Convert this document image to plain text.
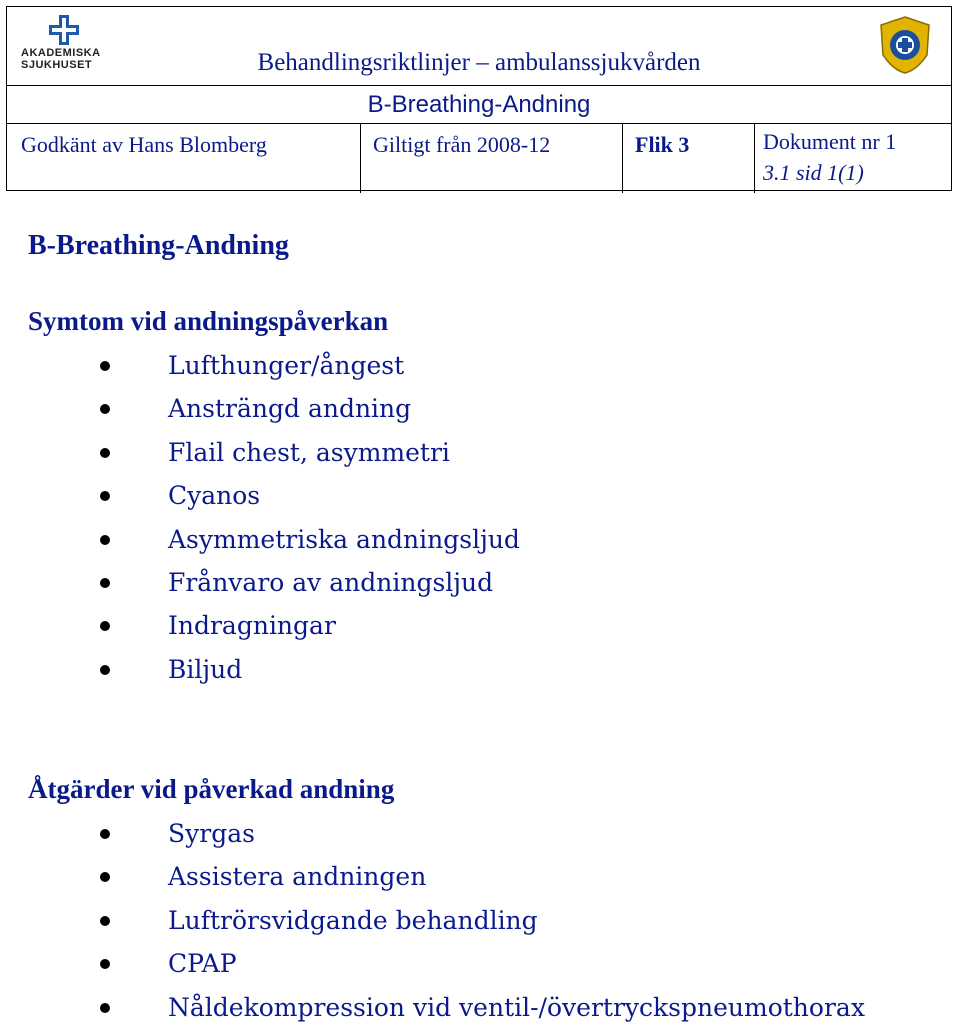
AKADEMISKA SJUKHUSET	Behandlingsriktlinjer – ambulanssjukvården
B-Breathing-Andning
Godkänt av Hans Blomberg	Giltigt från 2008-12	Flik 3	Dokument nr 1
3.1 sid 1(1)
B-Breathing-Andning
Symtom vid andningspåverkan
Lufthunger/ångest
Ansträngd andning
Flail chest, asymmetri
Cyanos
Asymmetriska andningsljud
Frånvaro av andningsljud
Indragningar
Biljud
Åtgärder vid påverkad andning
Syrgas
Assistera andningen
Luftrörsvidgande behandling
CPAP
Nåldekompression vid ventil-/övertryckspneumothorax
